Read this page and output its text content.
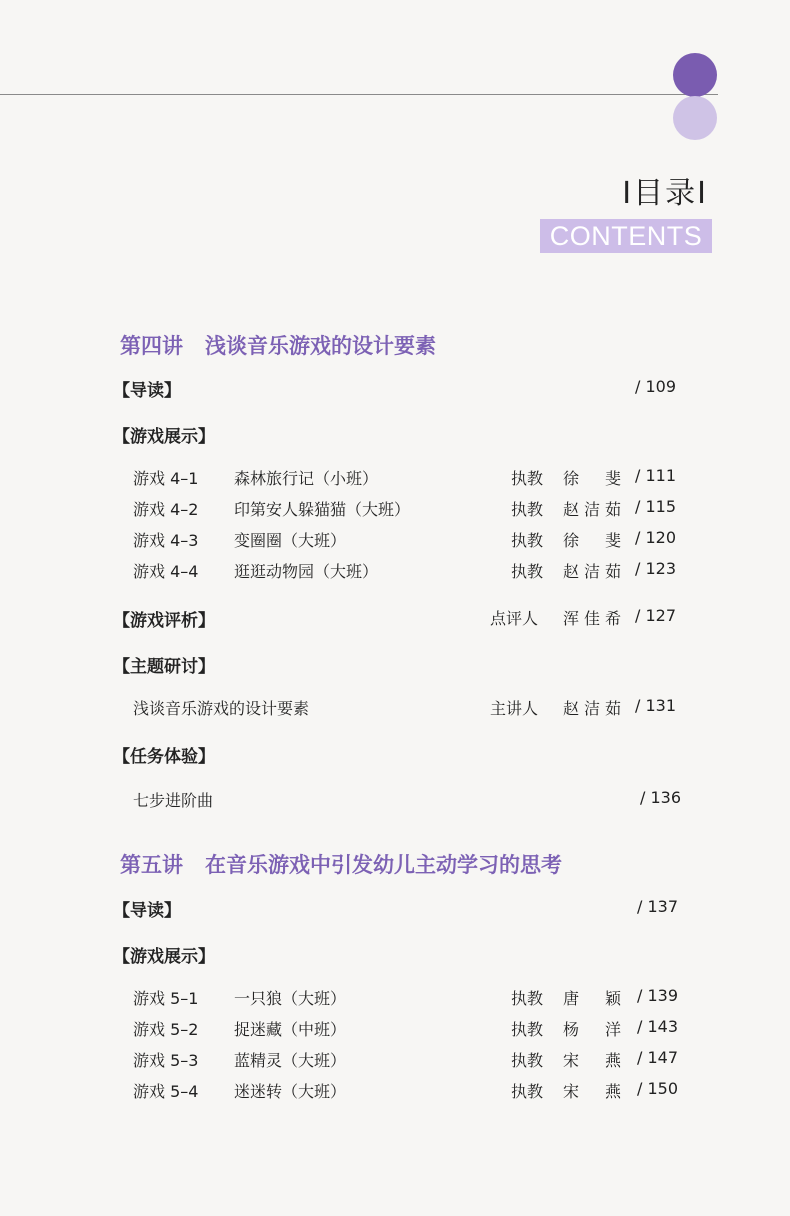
I目录I
CONTENTS
第四讲 浅谈音乐游戏的设计要素
【导读】	/ 109
【游戏展示】
游戏 4–1 森林旅行记（小班）	执教 徐 斐 / 111
游戏 4–2 印第安人躲猫猫（大班）	执教 赵洁茹 / 115
游戏 4–3 变圈圈（大班）	执教 徐 斐 / 120
游戏 4–4 逛逛动物园（大班）	执教 赵洁茹 / 123
【游戏评析】	点评人 浑佳希 / 127
【主题研讨】
浅谈音乐游戏的设计要素	主讲人 赵洁茹 / 131
【任务体验】
七步进阶曲	/ 136
第五讲 在音乐游戏中引发幼儿主动学习的思考
【导读】	/ 137
【游戏展示】
游戏 5–1 一只狼（大班）	执教 唐 颖 / 139
游戏 5–2 捉迷藏（中班）	执教 杨 洋 / 143
游戏 5–3 蓝精灵（大班）	执教 宋 燕 / 147
游戏 5–4 迷迷转（大班）	执教 宋 燕 / 150
